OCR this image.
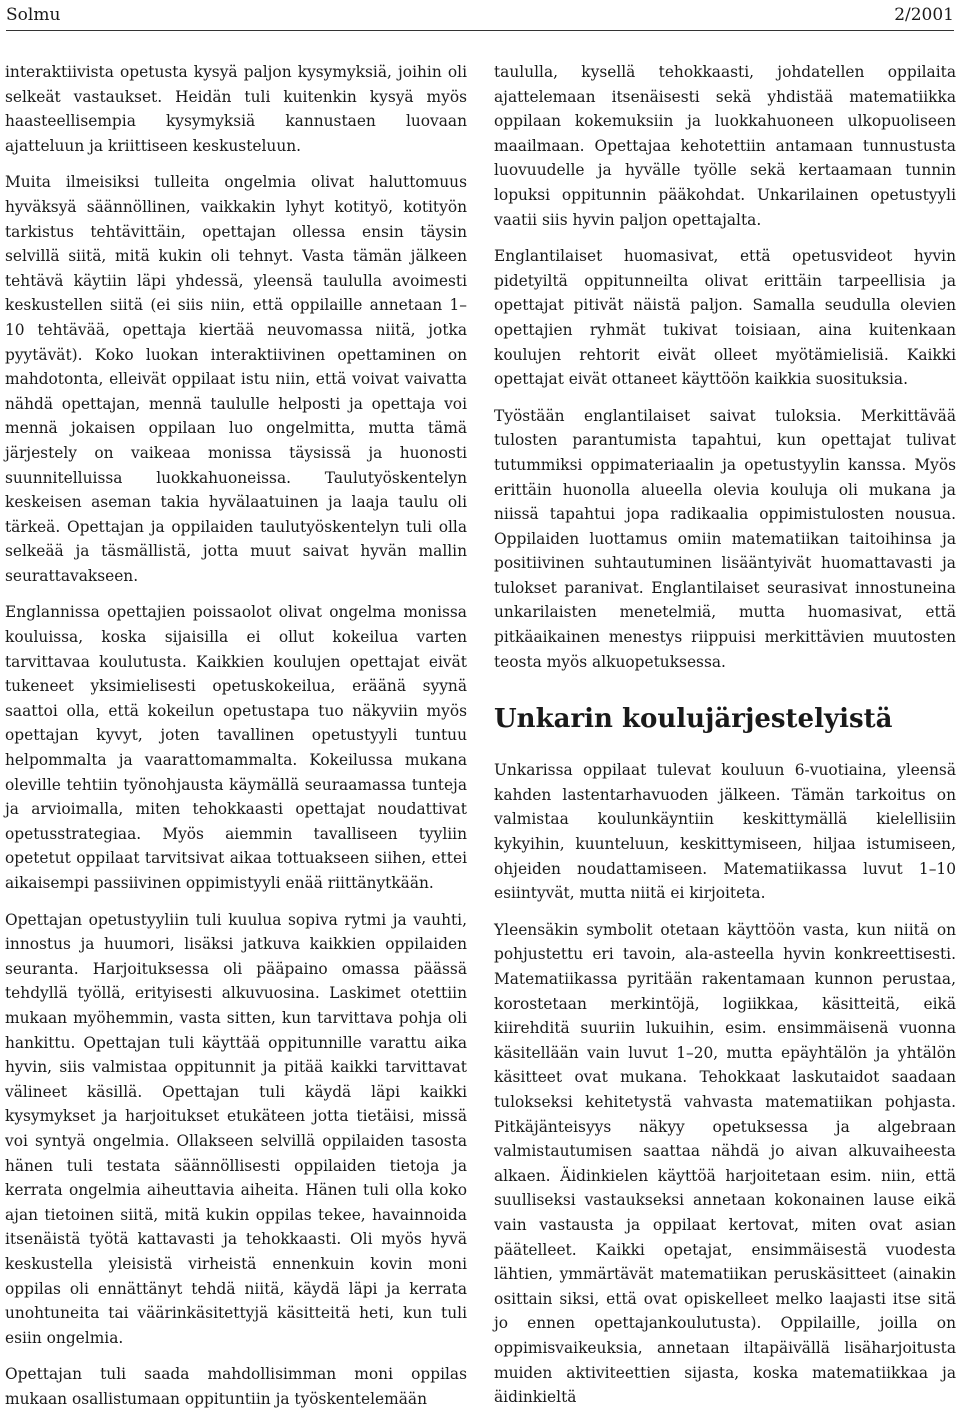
Solmu	2/2001

interaktiivista opetusta kysyä paljon kysymyksiä, joihin oli selkeät vastaukset. Heidän tuli kuitenkin kysyä myös haasteellisempia kysymyksiä kannustaen luovaan ajatteluun ja kriittiseen keskusteluun.

Muita ilmeisiksi tulleita ongelmia olivat haluttomuus hyväksyä säännöllinen, vaikkakin lyhyt kotityö, kotityön tarkistus tehtävittäin, opettajan ollessa ensin täysin selvillä siitä, mitä kukin oli tehnyt. Vasta tämän jälkeen tehtävä käytiin läpi yhdessä, yleensä taululla avoimesti keskustellen siitä (ei siis niin, että oppilaille annetaan 1–10 tehtävää, opettaja kiertää neuvomassa niitä, jotka pyytävät). Koko luokan interaktiivinen opettaminen on mahdotonta, elleivät oppilaat istu niin, että voivat vaivatta nähdä opettajan, mennä taululle helposti ja opettaja voi mennä jokaisen oppilaan luo ongelmitta, mutta tämä järjestely on vaikeaa monissa täysissä ja huonosti suunnitelluissa luokkahuoneissa. Taulutyöskentelyn keskeisen aseman takia hyvälaatuinen ja laaja taulu oli tärkeä. Opettajan ja oppilaiden taulutyöskentelyn tuli olla selkeää ja täsmällistä, jotta muut saivat hyvän mallin seurattavakseen.

Englannissa opettajien poissaolot olivat ongelma monissa kouluissa, koska sijaisilla ei ollut kokeilua varten tarvittavaa koulutusta. Kaikkien koulujen opettajat eivät tukeneet yksimielisesti opetuskokeilua, eräänä syynä saattoi olla, että kokeilun opetustapa tuo näkyviin myös opettajan kyvyt, joten tavallinen opetustyyli tuntuu helpommalta ja vaarattomammalta. Kokeilussa mukana oleville tehtiin työnohjausta käymällä seuraamassa tunteja ja arvioimalla, miten tehokkaasti opettajat noudattivat opetusstrategiaa. Myös aiemmin tavalliseen tyyliin opetetut oppilaat tarvitsivat aikaa tottuakseen siihen, ettei aikaisempi passiivinen oppimistyyli enää riittänytkään.

Opettajan opetustyyliin tuli kuulua sopiva rytmi ja vauhti, innostus ja huumori, lisäksi jatkuva kaikkien oppilaiden seuranta. Harjoituksessa oli pääpaino omassa päässä tehdyllä työllä, erityisesti alkuvuosina. Laskimet otettiin mukaan myöhemmin, vasta sitten, kun tarvittava pohja oli hankittu. Opettajan tuli käyttää oppitunnille varattu aika hyvin, siis valmistaa oppitunnit ja pitää kaikki tarvittavat välineet käsillä. Opettajan tuli käydä läpi kaikki kysymykset ja harjoitukset etukäteen jotta tietäisi, missä voi syntyä ongelmia. Ollakseen selvillä oppilaiden tasosta hänen tuli testata säännöllisesti oppilaiden tietoja ja kerrata ongelmia aiheuttavia aiheita. Hänen tuli olla koko ajan tietoinen siitä, mitä kukin oppilas tekee, havainnoida itsenäistä työtä kattavasti ja tehokkaasti. Oli myös hyvä keskustella yleisistä virheistä ennenkuin kovin moni oppilas oli ennättänyt tehdä niitä, käydä läpi ja kerrata unohtuneita tai väärinkäsitettyjä käsitteitä heti, kun tuli esiin ongelmia.

Opettajan tuli saada mahdollisimman moni oppilas mukaan osallistumaan oppituntiin ja työskentelemään

taululla, kysellä tehokkaasti, johdatellen oppilaita ajattelemaan itsenäisesti sekä yhdistää matematiikka oppilaan kokemuksiin ja luokkahuoneen ulkopuoliseen maailmaan. Opettajaa kehotettiin antamaan tunnustusta luovuudelle ja hyvälle työlle sekä kertaamaan tunnin lopuksi oppitunnin pääkohdat. Unkarilainen opetustyyli vaatii siis hyvin paljon opettajalta.

Englantilaiset huomasivat, että opetusvideot hyvin pidetyiltä oppitunneilta olivat erittäin tarpeellisia ja opettajat pitivät näistä paljon. Samalla seudulla olevien opettajien ryhmät tukivat toisiaan, aina kuitenkaan koulujen rehtorit eivät olleet myötämielisiä. Kaikki opettajat eivät ottaneet käyttöön kaikkia suosituksia.

Työstään englantilaiset saivat tuloksia. Merkittävää tulosten parantumista tapahtui, kun opettajat tulivat tutummiksi oppimateriaalin ja opetustyylin kanssa. Myös erittäin huonolla alueella olevia kouluja oli mukana ja niissä tapahtui jopa radikaalia oppimistulosten nousua. Oppilaiden luottamus omiin matematiikan taitoihinsa ja positiivinen suhtautuminen lisääntyivät huomattavasti ja tulokset paranivat. Englantilaiset seurasivat innostuneina unkarilaisten menetelmiä, mutta huomasivat, että pitkäaikainen menestys riippuisi merkittävien muutosten teosta myös alkuopetuksessa.

Unkarin koulujärjestelyistä

Unkarissa oppilaat tulevat kouluun 6-vuotiaina, yleensä kahden lastentarhavuoden jälkeen. Tämän tarkoitus on valmistaa koulunkäyntiin keskittymällä kielellisiin kykyihin, kuunteluun, keskittymiseen, hiljaa istumiseen, ohjeiden noudattamiseen. Matematiikassa luvut 1–10 esiintyvät, mutta niitä ei kirjoiteta.

Yleensäkin symbolit otetaan käyttöön vasta, kun niitä on pohjustettu eri tavoin, ala-asteella hyvin konkreettisesti. Matematiikassa pyritään rakentamaan kunnon perustaa, korostetaan merkintöjä, logiikkaa, käsitteitä, eikä kiirehditä suuriin lukuihin, esim. ensimmäisenä vuonna käsitellään vain luvut 1–20, mutta epäyhtälön ja yhtälön käsitteet ovat mukana. Tehokkaat laskutaidot saadaan tulokseksi kehitetystä vahvasta matematiikan pohjasta. Pitkäjänteisyys näkyy opetuksessa ja algebraan valmistautumisen saattaa nähdä jo aivan alkuvaiheesta alkaen. Äidinkielen käyttöä harjoitetaan esim. niin, että suulliseksi vastaukseksi annetaan kokonainen lause eikä vain vastausta ja oppilaat kertovat, miten ovat asian päätelleet. Kaikki opetajat, ensimmäisestä vuodesta lähtien, ymmärtävät matematiikan peruskäsitteet (ainakin osittain siksi, että ovat opiskelleet melko laajasti itse sitä jo ennen opettajankoulutusta). Oppilaille, joilla on oppimisvaikeuksia, annetaan iltapäivällä lisäharjoitusta muiden aktiviteettien sijasta, koska matematiikkaa ja äidinkieltä
